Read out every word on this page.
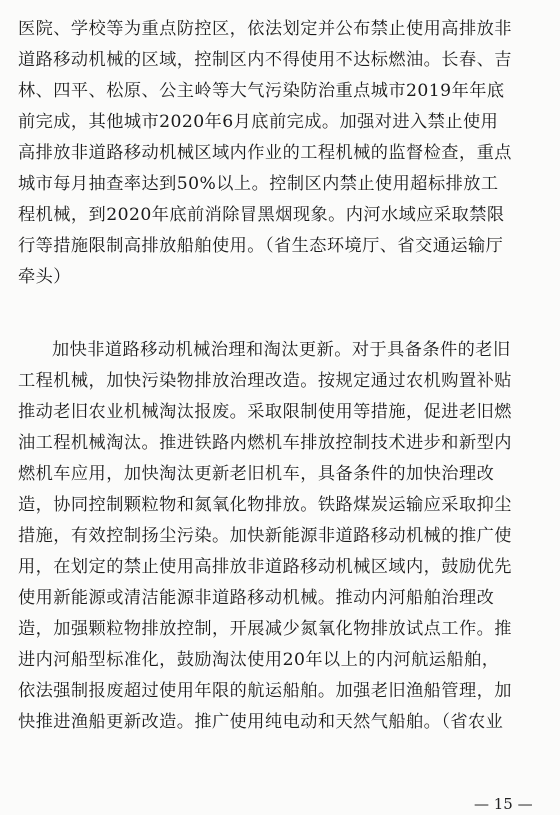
医院、学校等为重点防控区，依法划定并公布禁止使用高排放非
道路移动机械的区域，控制区内不得使用不达标燃油。长春、吉
林、四平、松原、公主岭等大气污染防治重点城市2019年年底
前完成，其他城市2020年6月底前完成。加强对进入禁止使用
高排放非道路移动机械区域内作业的工程机械的监督检查，重点
城市每月抽查率达到50%以上。控制区内禁止使用超标排放工
程机械，到2020年底前消除冒黑烟现象。内河水域应采取禁限
行等措施限制高排放船舶使用。（省生态环境厅、省交通运输厅
牵头）
加快非道路移动机械治理和淘汰更新。对于具备条件的老旧
工程机械，加快污染物排放治理改造。按规定通过农机购置补贴
推动老旧农业机械淘汰报废。采取限制使用等措施，促进老旧燃
油工程机械淘汰。推进铁路内燃机车排放控制技术进步和新型内
燃机车应用，加快淘汰更新老旧机车，具备条件的加快治理改
造，协同控制颗粒物和氮氧化物排放。铁路煤炭运输应采取抑尘
措施，有效控制扬尘污染。加快新能源非道路移动机械的推广使
用，在划定的禁止使用高排放非道路移动机械区域内，鼓励优先
使用新能源或清洁能源非道路移动机械。推动内河船舶治理改
造，加强颗粒物排放控制，开展减少氮氧化物排放试点工作。推
进内河船型标准化，鼓励淘汰使用20年以上的内河航运船舶，
依法强制报废超过使用年限的航运船舶。加强老旧渔船管理，加
快推进渔船更新改造。推广使用纯电动和天然气船舶。（省农业
— 15 —
